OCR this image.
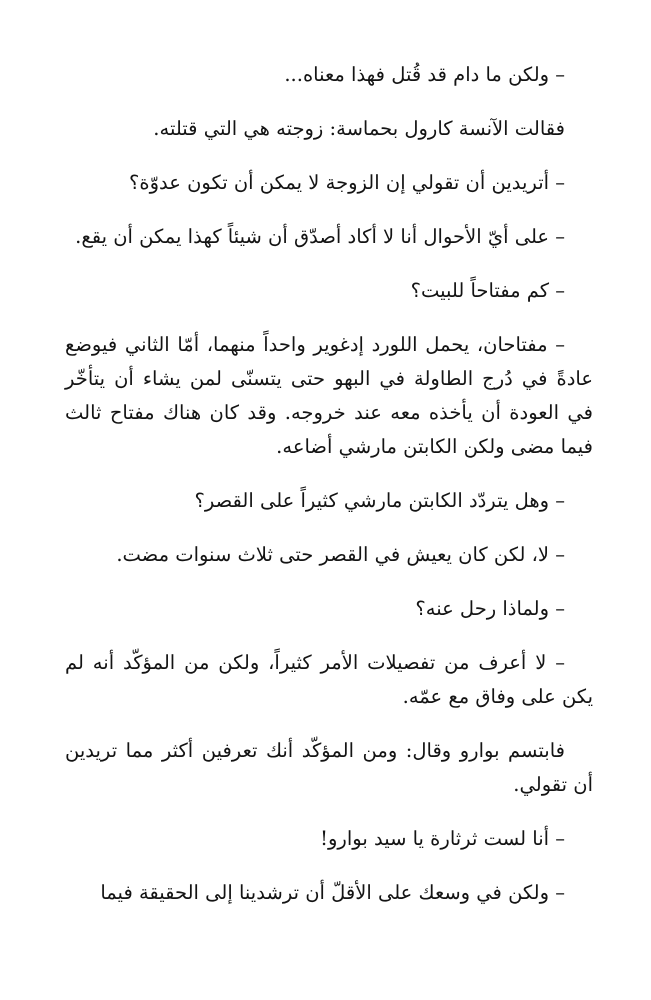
– ولكن ما دام قد قُتل فهذا معناه...

فقالت الآنسة كارول بحماسة: زوجته هي التي قتلته.

– أتريدين أن تقولي إن الزوجة لا يمكن أن تكون عدوّة؟

– على أيّ الأحوال أنا لا أكاد أصدّق أن شيئاً كهذا يمكن أن يقع.

– كم مفتاحاً للبيت؟

– مفتاحان، يحمل اللورد إدغوير واحداً منهما، أمّا الثاني فيوضع عادةً في دُرج الطاولة في البهو حتى يتسنّى لمن يشاء أن يتأخّر في العودة أن يأخذه معه عند خروجه. وقد كان هناك مفتاح ثالث فيما مضى ولكن الكابتن مارشي أضاعه.

– وهل يتردّد الكابتن مارشي كثيراً على القصر؟

– لا، لكن كان يعيش في القصر حتى ثلاث سنوات مضت.

– ولماذا رحل عنه؟

– لا أعرف من تفصيلات الأمر كثيراً، ولكن من المؤكّد أنه لم يكن على وفاق مع عمّه.

فابتسم بوارو وقال: ومن المؤكّد أنك تعرفين أكثر مما تريدين أن تقولي.

– أنا لست ثرثارة يا سيد بوارو!

– ولكن في وسعك على الأقلّ أن ترشدينا إلى الحقيقة فيما
